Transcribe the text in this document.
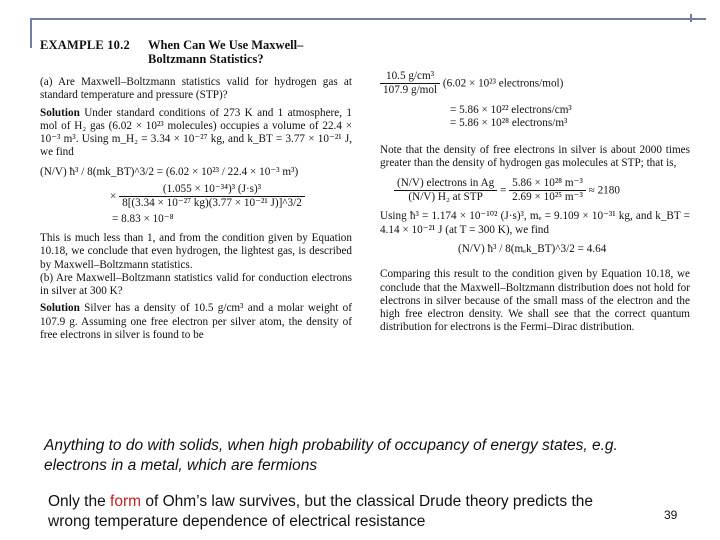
EXAMPLE 10.2	When Can We Use Maxwell–Boltzmann Statistics?

(a) Are Maxwell–Boltzmann statistics valid for hydrogen gas at standard temperature and pressure (STP)?

Solution Under standard conditions of 273 K and 1 atmosphere, 1 mol of H₂ gas (6.02 × 10²³ molecules) occupies a volume of 22.4 × 10⁻³ m³. Using m_H₂ = 3.34 × 10⁻²⁷ kg, and k_BT = 3.77 × 10⁻²¹ J, we find

(N/V) ħ³ / 8(mk_BT)^3/2 = (6.02 × 10²³ / 22.4 × 10⁻³ m³)
× $\frac{\text{(1.055 × 10⁻³⁴)³ (J·s)³}}{\text{8[(3.34 × 10⁻²⁷ kg)(3.77 × 10⁻²¹ J)]\textasciicircum{}3/2}}$
= 8.83 × 10⁻⁸

This is much less than 1, and from the condition given by Equation 10.18, we conclude that even hydrogen, the lightest gas, is described by Maxwell–Boltzmann statistics.

(b) Are Maxwell–Boltzmann statistics valid for conduction electrons in silver at 300 K?

Solution Silver has a density of 10.5 g/cm³ and a molar weight of 107.9 g. Assuming one free electron per silver atom, the density of free electrons in silver is found to be

$\frac{\text{10.5 g/cm³}}{\text{107.9 g/mol}} (6.02 \times 10^{23}$ electrons/mol)
= 5.86 × 10²² electrons/cm³
= 5.86 × 10²⁸ electrons/m³

Note that the density of free electrons in silver is about 2000 times greater than the density of hydrogen gas molecules at STP; that is,

$\frac{\text{(N/V) electrons in Ag}}{\text{(N/V) H₂ at STP}} = \frac{\text{5.86 × 10²⁸ m⁻³}}{\text{2.69 × 10²⁵ m⁻³}} \approx 2180$

Using ħ³ = 1.174 × 10⁻¹⁰² (J·s)³, mₑ = 9.109 × 10⁻³¹ kg, and k_BT = 4.14 × 10⁻²¹ J (at T = 300 K), we find

(N/V) ħ³ / 8(mₑk_BT)^3/2 = 4.64

Comparing this result to the condition given by Equation 10.18, we conclude that the Maxwell–Boltzmann distribution does not hold for electrons in silver because of the small mass of the electron and the high free electron density. We shall see that the correct quantum distribution for electrons is the Fermi–Dirac distribution.

Anything to do with solids, when high probability of occupancy of energy states, e.g. electrons in a metal, which are fermions
Only the form of Ohm’s law survives, but the classical Drude theory predicts the wrong temperature dependence of electrical resistance	39
